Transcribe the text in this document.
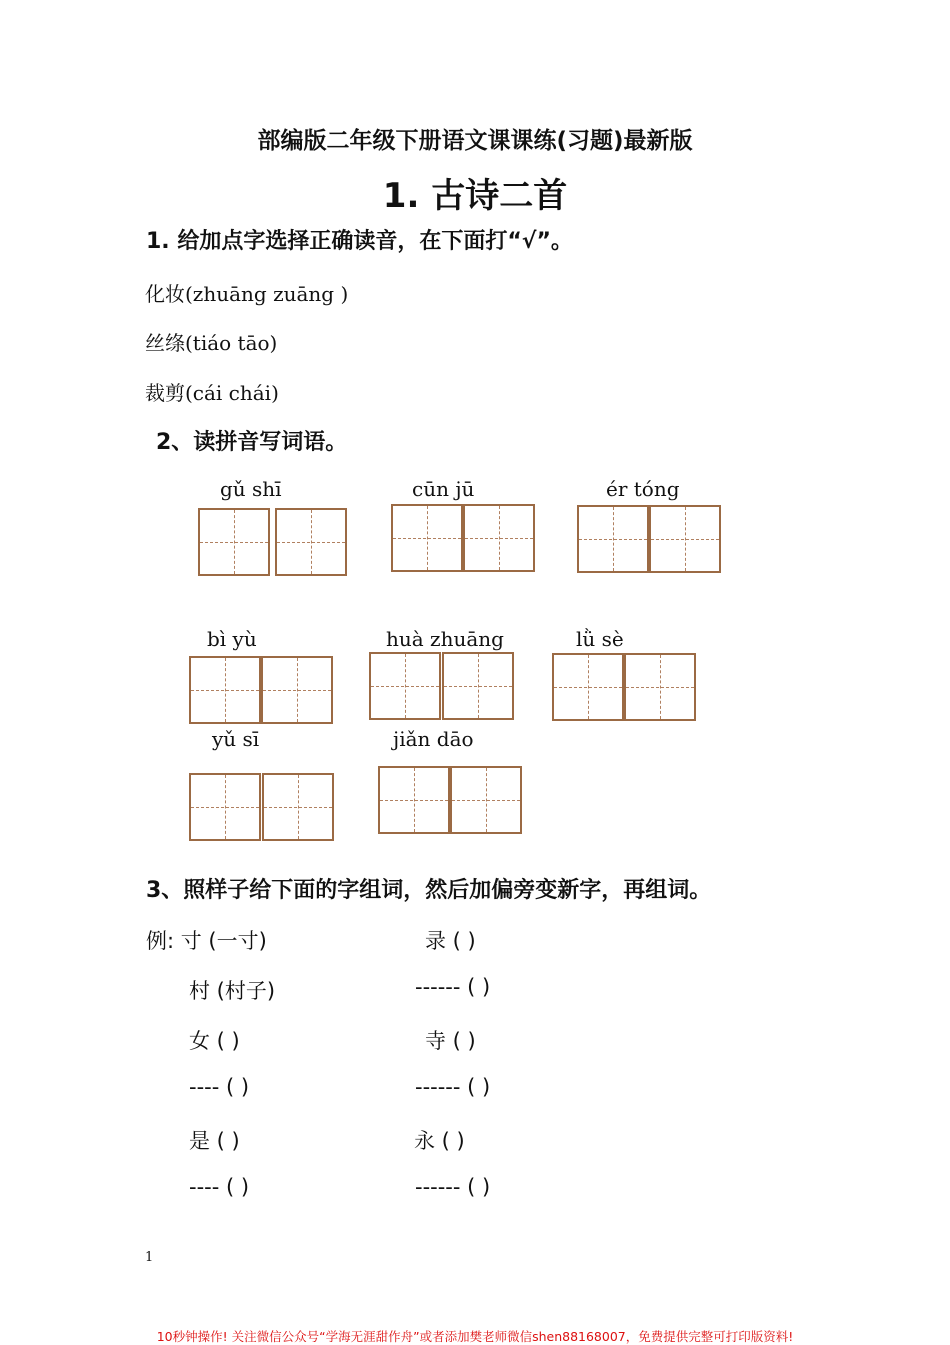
部编版二年级下册语文课课练(习题)最新版
1. 古诗二首
1. 给加点字选择正确读音，在下面打“√”。
化妆(zhuāng zuāng )
丝绦(tiáo tāo)
裁剪(cái chái)
2、读拼音写词语。
gǔ shī	cūn jū	ér tóng
bì yù	huà zhuāng	lǜ sè
yǔ sī	jiǎn dāo
3、照样子给下面的字组词，然后加偏旁变新字，再组词。
例: 寸 (一寸)	录 ( )
村 (村子)	------ ( )
女 ( )	寺 ( )
---- ( )	------ ( )
是 ( )	永 ( )
---- ( )	------ ( )
1
10秒钟操作! 关注微信公众号“学海无涯甜作舟”或者添加樊老师微信shen88168007，免费提供完整可打印版资料!
